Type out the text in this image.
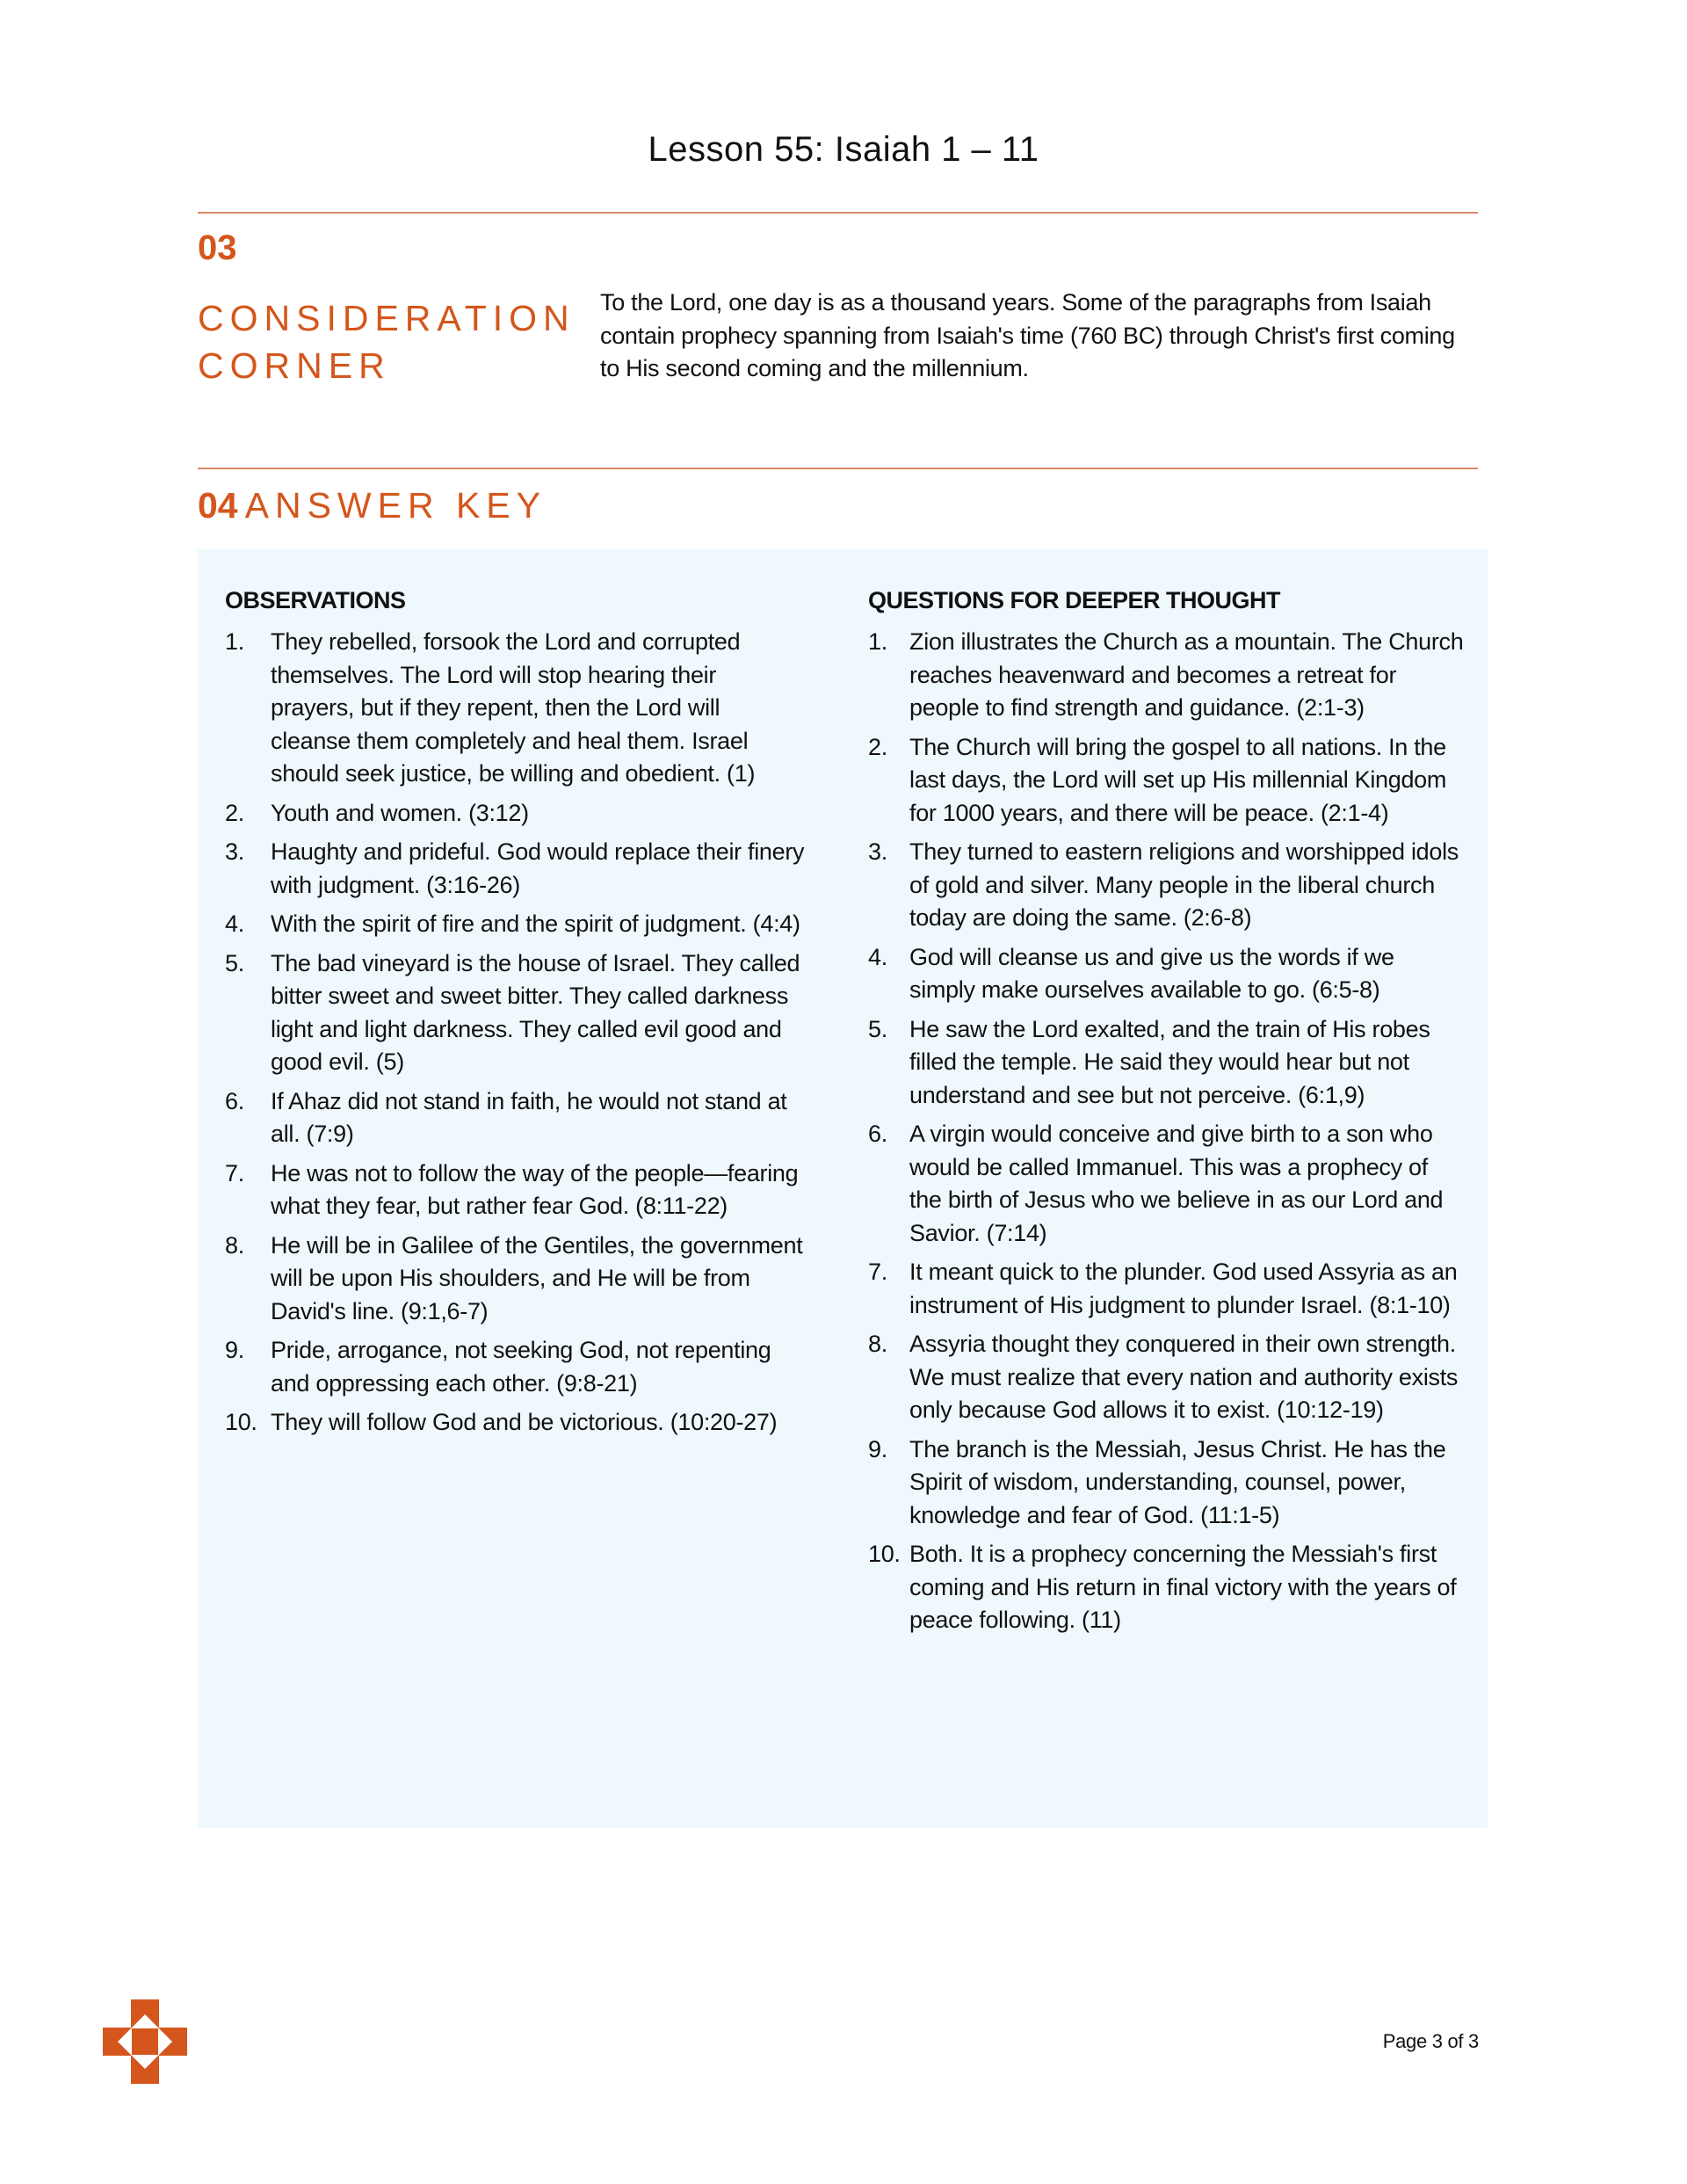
Lesson 55: Isaiah 1 – 11
03
CONSIDERATION
CORNER
To the Lord, one day is as a thousand years. Some of the paragraphs from Isaiah contain prophecy spanning from Isaiah's time (760 BC) through Christ's first coming to His second coming and the millennium.
04 ANSWER KEY
OBSERVATIONS
1. They rebelled, forsook the Lord and corrupted themselves. The Lord will stop hearing their prayers, but if they repent, then the Lord will cleanse them completely and heal them. Israel should seek justice, be willing and obedient. (1)
2. Youth and women. (3:12)
3. Haughty and prideful. God would replace their finery with judgment. (3:16-26)
4. With the spirit of fire and the spirit of judgment. (4:4)
5. The bad vineyard is the house of Israel. They called bitter sweet and sweet bitter. They called darkness light and light darkness. They called evil good and good evil. (5)
6. If Ahaz did not stand in faith, he would not stand at all. (7:9)
7. He was not to follow the way of the people—fearing what they fear, but rather fear God. (8:11-22)
8. He will be in Galilee of the Gentiles, the government will be upon His shoulders, and He will be from David's line. (9:1,6-7)
9. Pride, arrogance, not seeking God, not repenting and oppressing each other. (9:8-21)
10. They will follow God and be victorious. (10:20-27)
QUESTIONS FOR DEEPER THOUGHT
1. Zion illustrates the Church as a mountain. The Church reaches heavenward and becomes a retreat for people to find strength and guidance. (2:1-3)
2. The Church will bring the gospel to all nations. In the last days, the Lord will set up His millennial Kingdom for 1000 years, and there will be peace. (2:1-4)
3. They turned to eastern religions and worshipped idols of gold and silver. Many people in the liberal church today are doing the same. (2:6-8)
4. God will cleanse us and give us the words if we simply make ourselves available to go. (6:5-8)
5. He saw the Lord exalted, and the train of His robes filled the temple. He said they would hear but not understand and see but not perceive. (6:1,9)
6. A virgin would conceive and give birth to a son who would be called Immanuel. This was a prophecy of the birth of Jesus who we believe in as our Lord and Savior. (7:14)
7. It meant quick to the plunder. God used Assyria as an instrument of His judgment to plunder Israel. (8:1-10)
8. Assyria thought they conquered in their own strength. We must realize that every nation and authority exists only because God allows it to exist. (10:12-19)
9. The branch is the Messiah, Jesus Christ. He has the Spirit of wisdom, understanding, counsel, power, knowledge and fear of God. (11:1-5)
10. Both. It is a prophecy concerning the Messiah's first coming and His return in final victory with the years of peace following. (11)
Page 3 of 3
